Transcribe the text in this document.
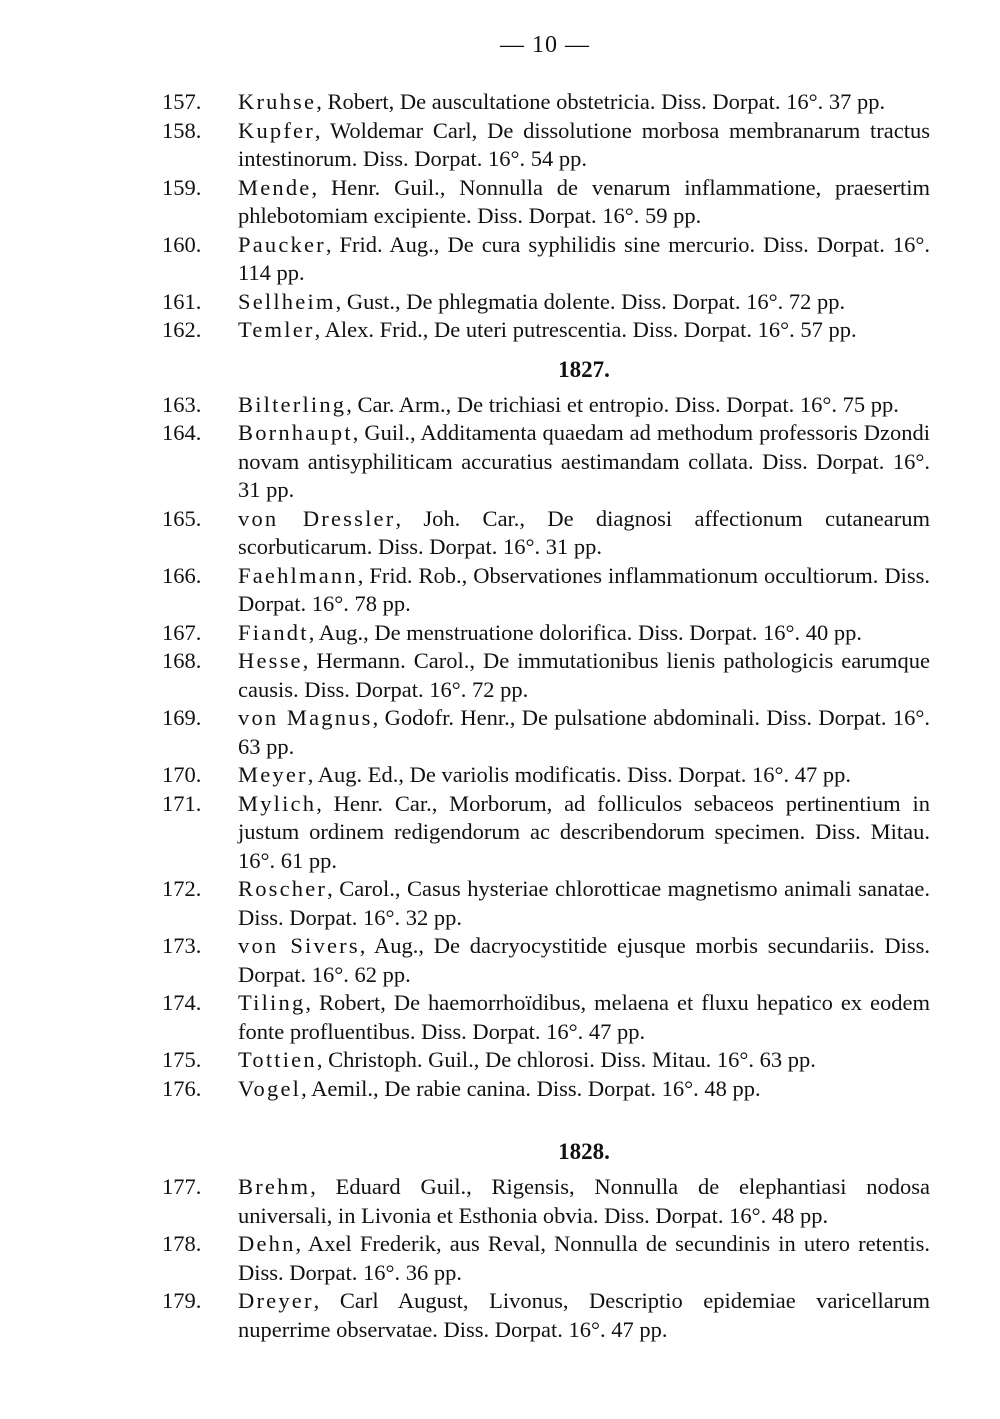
— 10 —
157.	Kruhse, Robert, De auscultatione obstetricia. Diss. Dorpat. 16°. 37 pp.
158.	Kupfer, Woldemar Carl, De dissolutione morbosa membranarum tractus intestinorum. Diss. Dorpat. 16°. 54 pp.
159.	Mende, Henr. Guil., Nonnulla de venarum inflammatione, praesertim phlebotomiam excipiente. Diss. Dorpat. 16°. 59 pp.
160.	Paucker, Frid. Aug., De cura syphilidis sine mercurio. Diss. Dorpat. 16°. 114 pp.
161.	Sellheim, Gust., De phlegmatia dolente. Diss. Dorpat. 16°. 72 pp.
162.	Temler, Alex. Frid., De uteri putrescentia. Diss. Dorpat. 16°. 57 pp.
1827.
163.	Bilterling, Car. Arm., De trichiasi et entropio. Diss. Dorpat. 16°. 75 pp.
164.	Bornhaupt, Guil., Additamenta quaedam ad methodum professoris Dzondi novam antisyphiliticam accuratius aestimandam collata. Diss. Dorpat. 16°. 31 pp.
165.	von Dressler, Joh. Car., De diagnosi affectionum cutanearum scorbuticarum. Diss. Dorpat. 16°. 31 pp.
166.	Faehlmann, Frid. Rob., Observationes inflammationum occultiorum. Diss. Dorpat. 16°. 78 pp.
167.	Fiandt, Aug., De menstruatione dolorifica. Diss. Dorpat. 16°. 40 pp.
168.	Hesse, Hermann. Carol., De immutationibus lienis pathologicis earumque causis. Diss. Dorpat. 16°. 72 pp.
169.	von Magnus, Godofr. Henr., De pulsatione abdominali. Diss. Dorpat. 16°. 63 pp.
170.	Meyer, Aug. Ed., De variolis modificatis. Diss. Dorpat. 16°. 47 pp.
171.	Mylich, Henr. Car., Morborum, ad folliculos sebaceos pertinentium in justum ordinem redigendorum ac describendorum specimen. Diss. Mitau. 16°. 61 pp.
172.	Roscher, Carol., Casus hysteriae chlorotticae magnetismo animali sanatae. Diss. Dorpat. 16°. 32 pp.
173.	von Sivers, Aug., De dacryocystitide ejusque morbis secundariis. Diss. Dorpat. 16°. 62 pp.
174.	Tiling, Robert, De haemorrhoïdibus, melaena et fluxu hepatico ex eodem fonte profluentibus. Diss. Dorpat. 16°. 47 pp.
175.	Tottien, Christoph. Guil., De chlorosi. Diss. Mitau. 16°. 63 pp.
176.	Vogel, Aemil., De rabie canina. Diss. Dorpat. 16°. 48 pp.
1828.
177.	Brehm, Eduard Guil., Rigensis, Nonnulla de elephantiasi nodosa universali, in Livonia et Esthonia obvia. Diss. Dorpat. 16°. 48 pp.
178.	Dehn, Axel Frederik, aus Reval, Nonnulla de secundinis in utero retentis. Diss. Dorpat. 16°. 36 pp.
179.	Dreyer, Carl August, Livonus, Descriptio epidemiae varicellarum nuperrime observatae. Diss. Dorpat. 16°. 47 pp.
